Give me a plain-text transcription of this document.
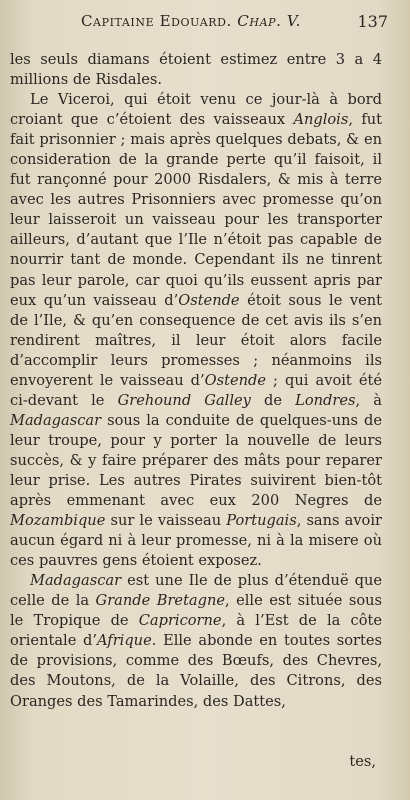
Capitaine Edouard. Chap. V.	137

les seuls diamans étoient estimez entre 3 a 4 millions de Risdales.

Le Viceroi, qui étoit venu ce jour-là à bord croiant que c’étoient des vaisseaux Anglois, fut fait prisonnier ; mais après quelques debats, & en consideration de la grande perte qu’il faisoit, il fut rançonné pour 2000 Risdalers, & mis à terre avec les autres Prisonniers avec promesse qu’on leur laisseroit un vaisseau pour les transporter ailleurs, d’autant que l’Ile n’étoit pas capable de nourrir tant de monde. Cependant ils ne tinrent pas leur parole, car quoi qu’ils eussent apris par eux qu’un vaisseau d’Ostende étoit sous le vent de l’Ile, & qu’en consequence de cet avis ils s’en rendirent maîtres, il leur étoit alors facile d’accomplir leurs promesses ; néanmoins ils envoyerent le vaisseau d’Ostende ; qui avoit été ci-devant le Grehound Galley de Londres, à Madagascar sous la conduite de quelques-uns de leur troupe, pour y porter la nouvelle de leurs succès, & y faire préparer des mâts pour reparer leur prise. Les autres Pirates suivirent bien-tôt après emmenant avec eux 200 Negres de Mozambique sur le vaisseau Portugais, sans avoir aucun égard ni à leur promesse, ni à la misere où ces pauvres gens étoient exposez.

Madagascar est une Ile de plus d’étenduë que celle de la Grande Bretagne, elle est située sous le Tropique de Capricorne, à l’Est de la côte orientale d’Afrique. Elle abonde en toutes sortes de provisions, comme des Bœufs, des Chevres, des Moutons, de la Volaille, des Citrons, des Oranges des Tamarindes, des Dattes,

tes,
